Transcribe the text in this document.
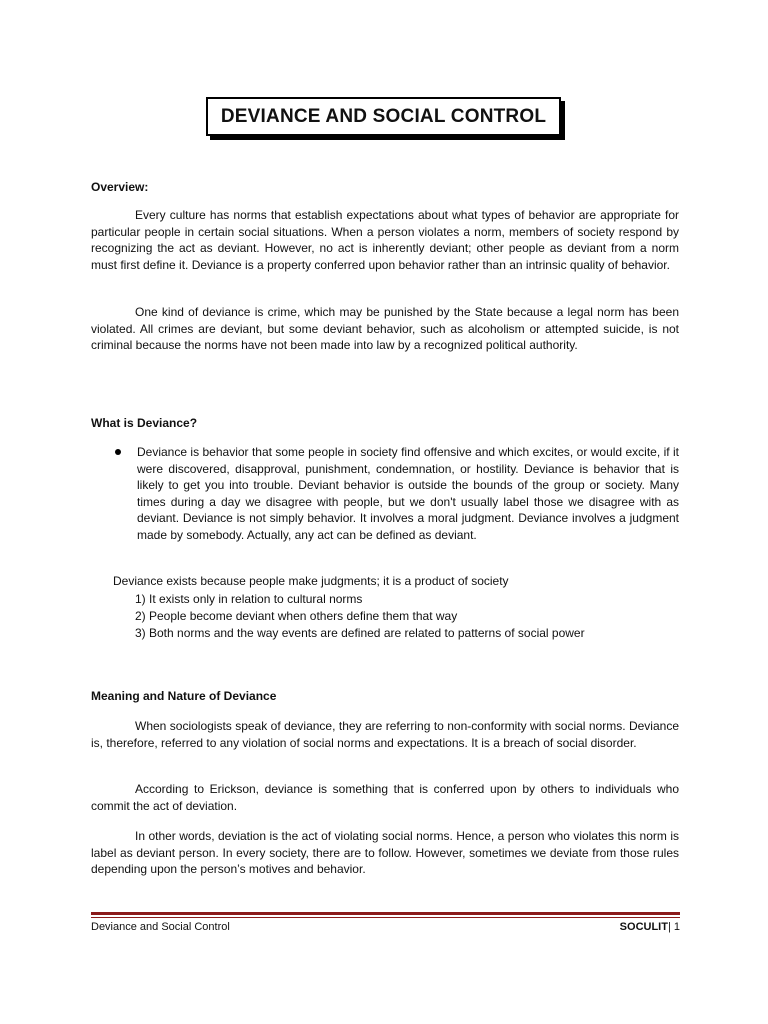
DEVIANCE AND SOCIAL CONTROL
Overview:

Every culture has norms that establish expectations about what types of behavior are appropriate for particular people in certain social situations. When a person violates a norm, members of society respond by recognizing the act as deviant. However, no act is inherently deviant; other people as deviant from a norm must first define it. Deviance is a property conferred upon behavior rather than an intrinsic quality of behavior.

One kind of deviance is crime, which may be punished by the State because a legal norm has been violated. All crimes are deviant, but some deviant behavior, such as alcoholism or attempted suicide, is not criminal because the norms have not been made into law by a recognized political authority.

What is Deviance?

Deviance is behavior that some people in society find offensive and which excites, or would excite, if it were discovered, disapproval, punishment, condemnation, or hostility. Deviance is behavior that is likely to get you into trouble. Deviant behavior is outside the bounds of the group or society. Many times during a day we disagree with people, but we don't usually label those we disagree with as deviant. Deviance is not simply behavior. It involves a moral judgment. Deviance involves a judgment made by somebody. Actually, any act can be defined as deviant.

Deviance exists because people make judgments; it is a product of society
1) It exists only in relation to cultural norms
2) People become deviant when others define them that way
3) Both norms and the way events are defined are related to patterns of social power
Meaning and Nature of Deviance

When sociologists speak of deviance, they are referring to non-conformity with social norms. Deviance is, therefore, referred to any violation of social norms and expectations. It is a breach of social disorder.

According to Erickson, deviance is something that is conferred upon by others to individuals who commit the act of deviation.

In other words, deviation is the act of violating social norms. Hence, a person who violates this norm is label as deviant person. In every society, there are to follow. However, sometimes we deviate from those rules depending upon the person’s motives and behavior.

Deviance and Social Control	SOCULIT| 1
